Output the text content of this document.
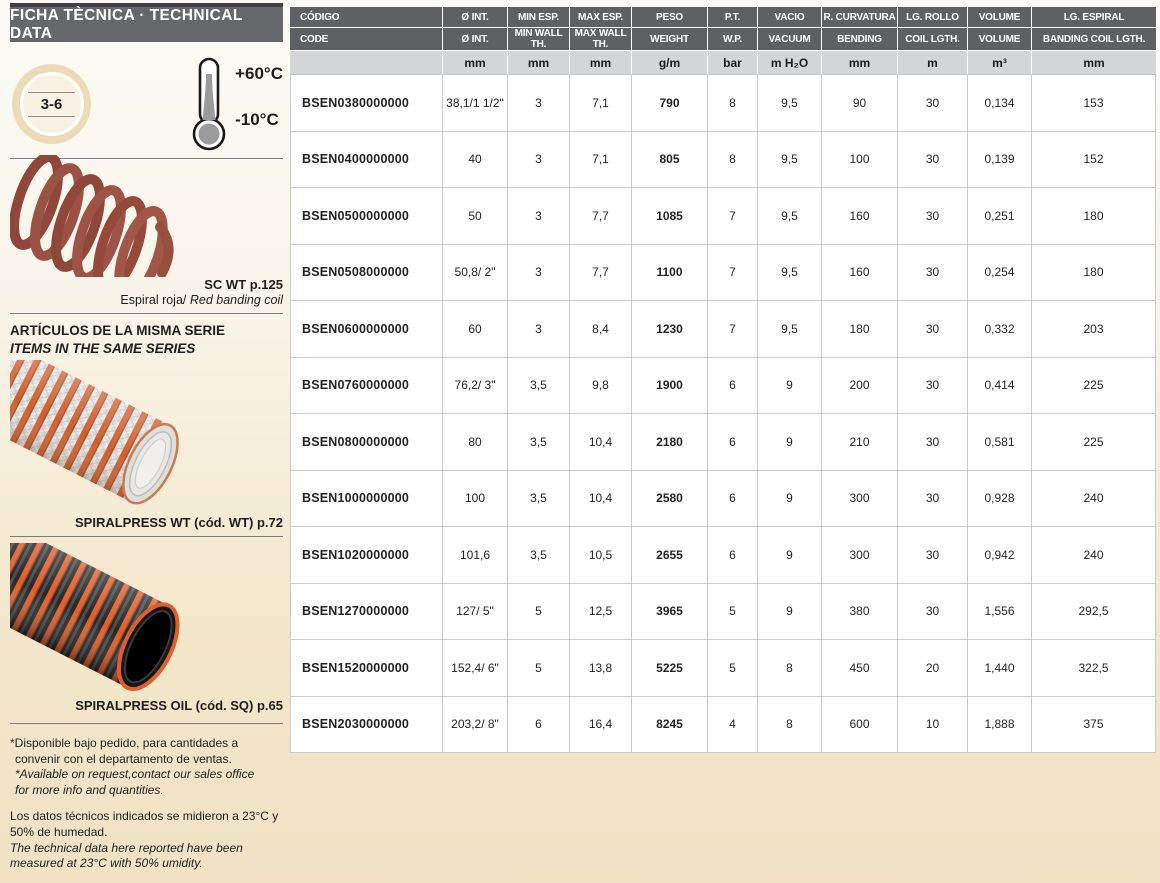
FICHA TÈCNICA · TECHNICAL DATA
3-6
+60°C
-10°C
SC WT p.125
Espiral roja/ Red banding coil
ARTÍCULOS DE LA MISMA SERIE
ITEMS IN THE SAME SERIES
SPIRALPRESS WT (cód. WT) p.72
SPIRALPRESS OIL (cód. SQ) p.65
*Disponible bajo pedido, para cantidades a
convenir con el departamento de ventas.
*Available on request,contact our sales office
for more info and quantities.
Los datos técnicos indicados se midieron a 23°C y
50% de humedad.
The technical data here reported have been
measured at 23°C with 50% umidity.
CÓDIGO	Ø INT.	MIN ESP.	MAX ESP.	PESO	P.T.	VACIO	R. CURVATURA	LG. ROLLO	VOLUME	LG. ESPIRAL
CODE	Ø INT.	MIN WALL TH.	MAX WALL TH.	WEIGHT	W.P.	VACUUM	BENDING	COIL LGTH.	VOLUME	BANDING COIL LGTH.
	mm	mm	mm	g/m	bar	m H₂O	mm	m	m³	mm
BSEN0380000000	38,1/1 1/2"	3	7,1	790	8	9,5	90	30	0,134	153
BSEN0400000000	40	3	7,1	805	8	9,5	100	30	0,139	152
BSEN0500000000	50	3	7,7	1085	7	9,5	160	30	0,251	180
BSEN0508000000	50,8/ 2"	3	7,7	1100	7	9,5	160	30	0,254	180
BSEN0600000000	60	3	8,4	1230	7	9,5	180	30	0,332	203
BSEN0760000000	76,2/ 3"	3,5	9,8	1900	6	9	200	30	0,414	225
BSEN0800000000	80	3,5	10,4	2180	6	9	210	30	0,581	225
BSEN1000000000	100	3,5	10,4	2580	6	9	300	30	0,928	240
BSEN1020000000	101,6	3,5	10,5	2655	6	9	300	30	0,942	240
BSEN1270000000	127/ 5"	5	12,5	3965	5	9	380	30	1,556	292,5
BSEN1520000000	152,4/ 6"	5	13,8	5225	5	8	450	20	1,440	322,5
BSEN2030000000	203,2/ 8"	6	16,4	8245	4	8	600	10	1,888	375
